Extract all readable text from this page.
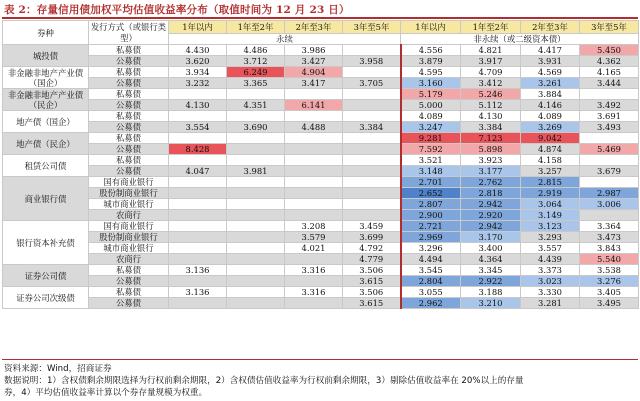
表 2：存量信用债加权平均估值收益率分布（取值时间为 12 月 23 日）
券种	发行方式（或银行类型）	1年以内	1年至2年	2年至3年	3年至5年	1年以内	1年至2年	2年至3年	3年至5年
		永续				非永续（或二级资本债）			
城投债	私募债	4.430	4.486	3.986		4.556	4.821	4.417	5.450
	公募债	3.620	3.712	3.427	3.958	3.879	3.917	3.931	4.362
非金融非地产产业债（国企）	私募债	3.934	6.249	4.904		4.595	4.709	4.569	4.165
	公募债	3.232	3.365	3.417	3.705	3.160	3.412	3.261	3.444
非金融非地产产业债（民企）	私募债					5.179	5.246	3.884	
	公募债	4.130	4.351	6.141		5.000	5.112	4.146	3.492
地产债（国企）	私募债					4.089	4.130	4.089	3.691
	公募债	3.554	3.690	4.488	3.384	3.247	3.384	3.269	3.493
地产债（民企）	私募债					9.281	7.123	9.042	
	公募债	8.428				7.592	5.898	4.874	5.469
租赁公司债	私募债					3.521	3.923	4.158	
	公募债	4.047	3.981			3.148	3.177	3.257	3.679
商业银行债	国有商业银行					2.701	2.762	2.815	
	股份制商业银行					2.652	2.818	2.919	2.987
	城市商业银行					2.807	2.942	3.064	3.006
	农商行					2.900	2.920	3.149	
银行资本补充债	国有商业银行			3.208	3.459	2.721	2.942	3.123	3.364
	股份制商业银行			3.579	3.699	2.969	3.170	3.293	3.473
	城市商业银行			4.021	4.792	3.296	3.400	3.557	3.843
	农商行				4.779	4.494	4.364	4.439	5.540
证券公司债	私募债	3.136		3.316	3.506	3.545	3.345	3.373	3.538
	公募债				3.615	2.804	2.922	3.023	3.276
证券公司次级债	私募债	3.136		3.316	3.506	3.055	3.188	3.330	3.405
	公募债				3.615	2.962	3.210	3.281	3.495
资料来源：Wind，招商证券
数据说明：1）含权债剩余期限选择为行权前剩余期限，2）含权债估值收益率为行权前剩余期限，3）剔除估值收益率在 20%以上的存量
券，4）平均估值收益率计算以个券存量规模为权重。
